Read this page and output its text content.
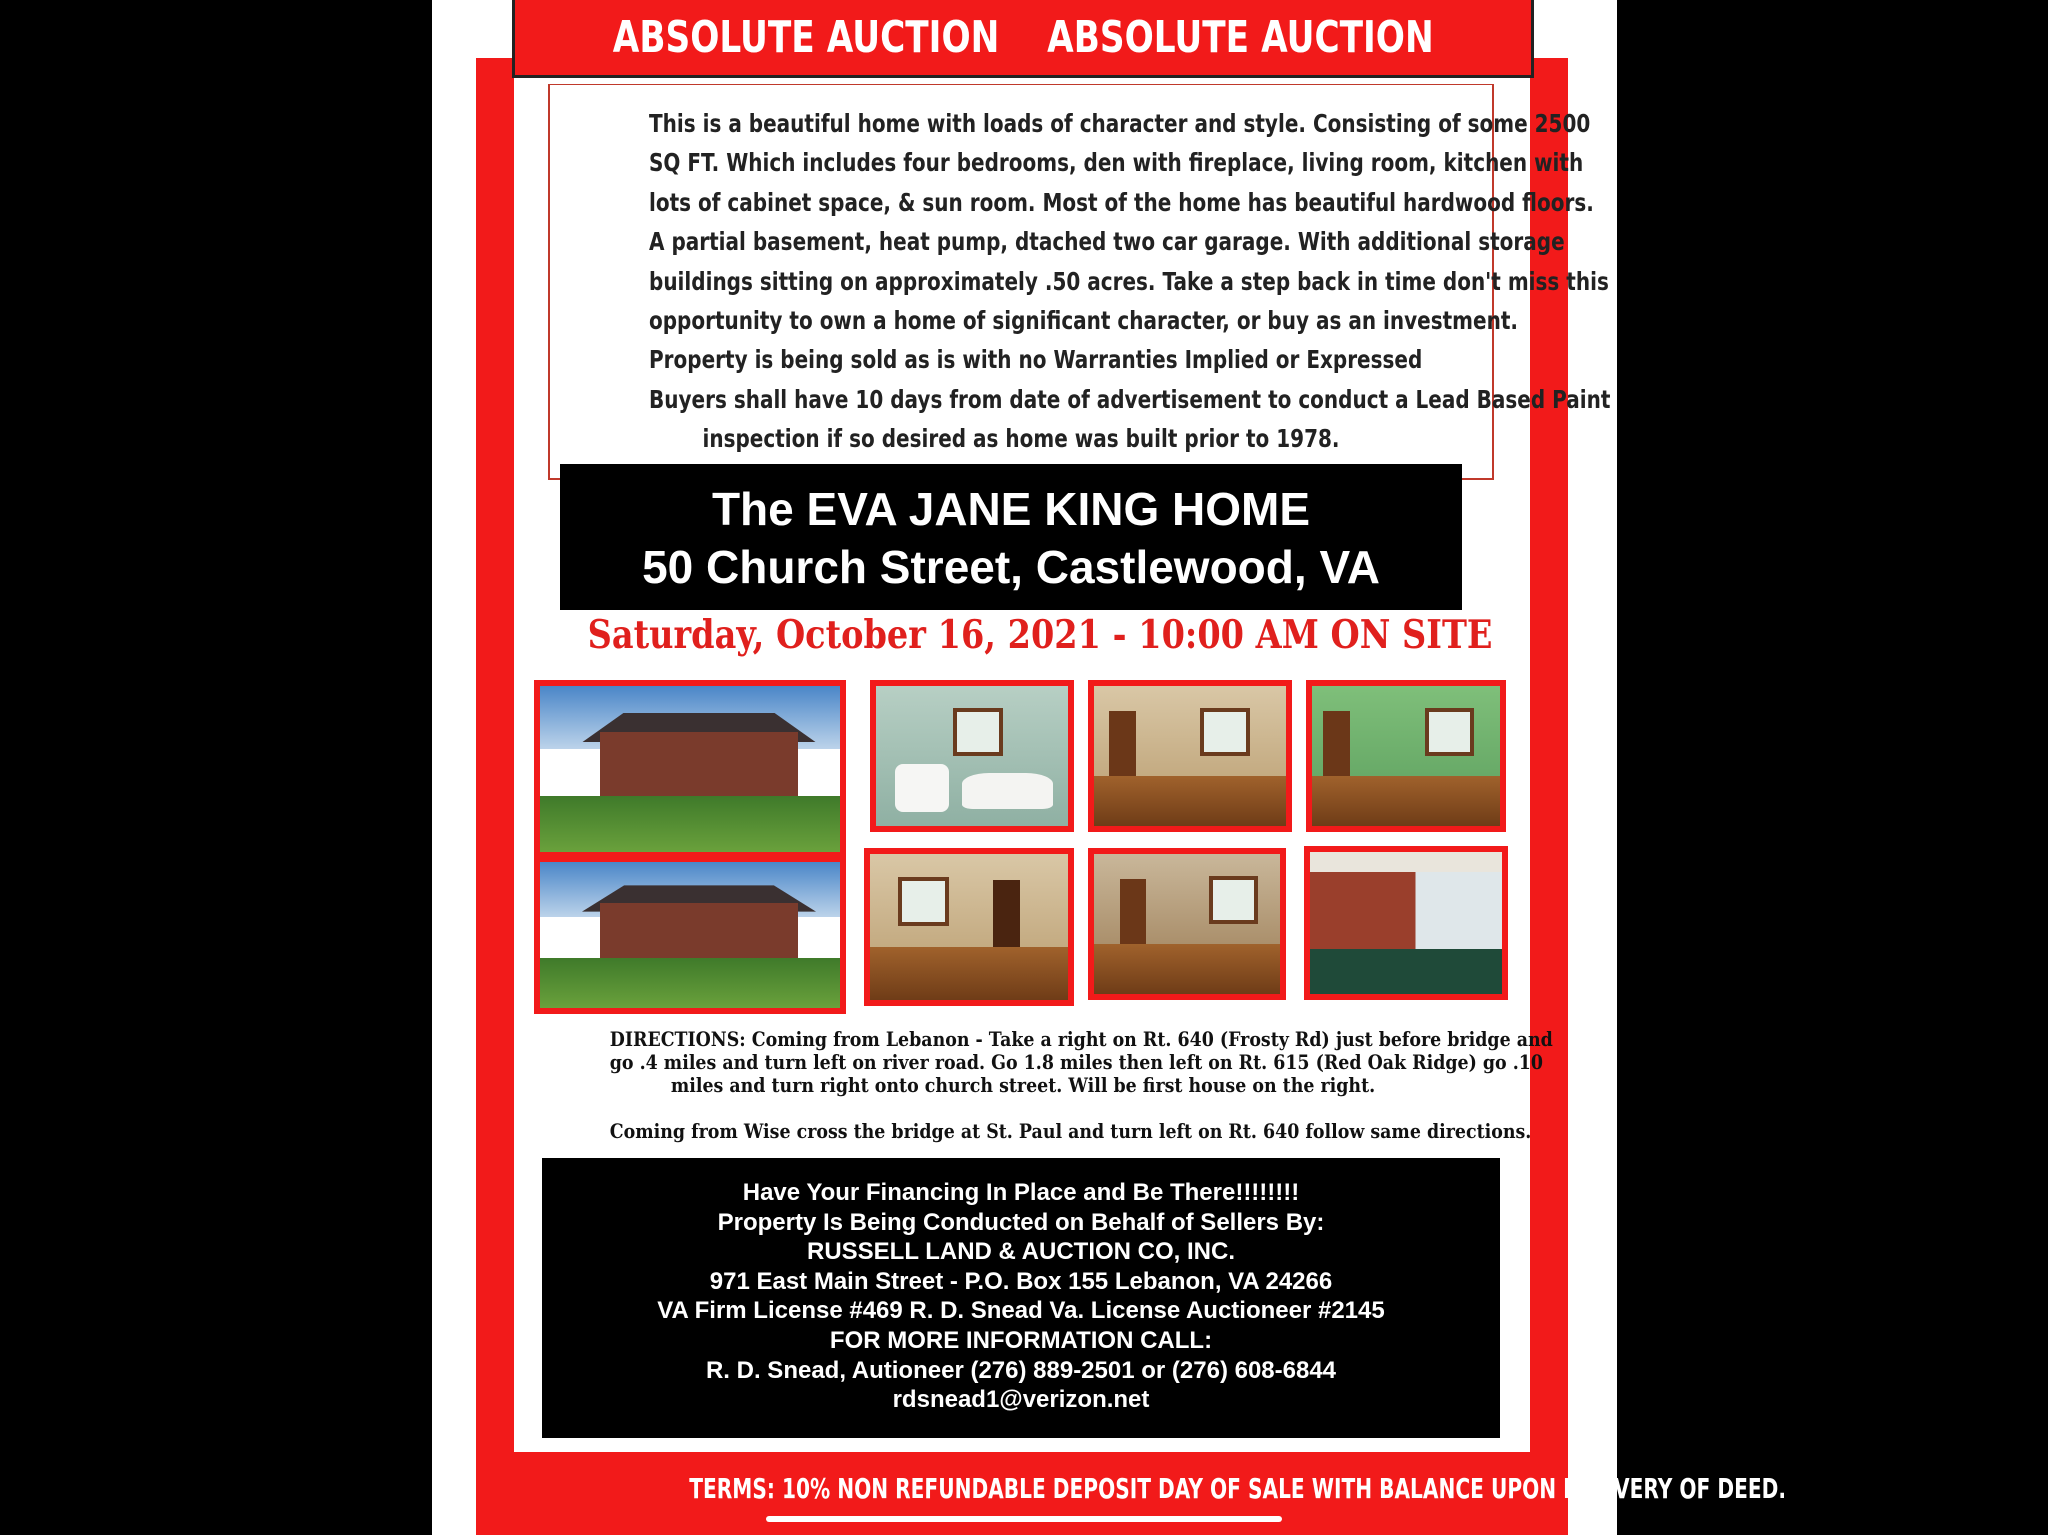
ABSOLUTE AUCTION    ABSOLUTE AUCTION
This is a beautiful home with loads of character and style. Consisting of some 2500
SQ FT. Which includes four bedrooms, den with fireplace, living room, kitchen with
lots of cabinet space, & sun room. Most of the home has beautiful hardwood floors.
A partial basement, heat pump, dtached two car garage. With additional storage
buildings sitting on approximately .50 acres. Take a step back in time don't miss this
opportunity to own a home of significant character, or buy as an investment.
Property is being sold as is with no Warranties Implied or Expressed
Buyers shall have 10 days from date of advertisement to conduct a Lead Based Paint
inspection if so desired as home was built prior to 1978.
The EVA JANE KING HOME
50 Church Street, Castlewood, VA
Saturday, October 16, 2021 - 10:00 AM ON SITE
DIRECTIONS: Coming from Lebanon - Take a right on Rt. 640 (Frosty Rd) just before bridge and
go .4 miles and turn left on river road. Go 1.8 miles then left on Rt. 615 (Red Oak Ridge) go .10
miles and turn right onto church street. Will be first house on the right.
Coming from Wise cross the bridge at St. Paul and turn left on Rt. 640 follow same directions.
Have Your Financing In Place and Be There!!!!!!!!
Property Is Being Conducted on Behalf of Sellers By:
RUSSELL LAND & AUCTION CO, INC.
971 East Main Street - P.O. Box 155 Lebanon, VA 24266
VA Firm License #469 R. D. Snead Va. License Auctioneer #2145
FOR MORE INFORMATION CALL:
R. D. Snead, Autioneer (276) 889-2501 or (276) 608-6844
rdsnead1@verizon.net
TERMS: 10% NON REFUNDABLE DEPOSIT DAY OF SALE WITH BALANCE UPON DELIVERY OF DEED.
